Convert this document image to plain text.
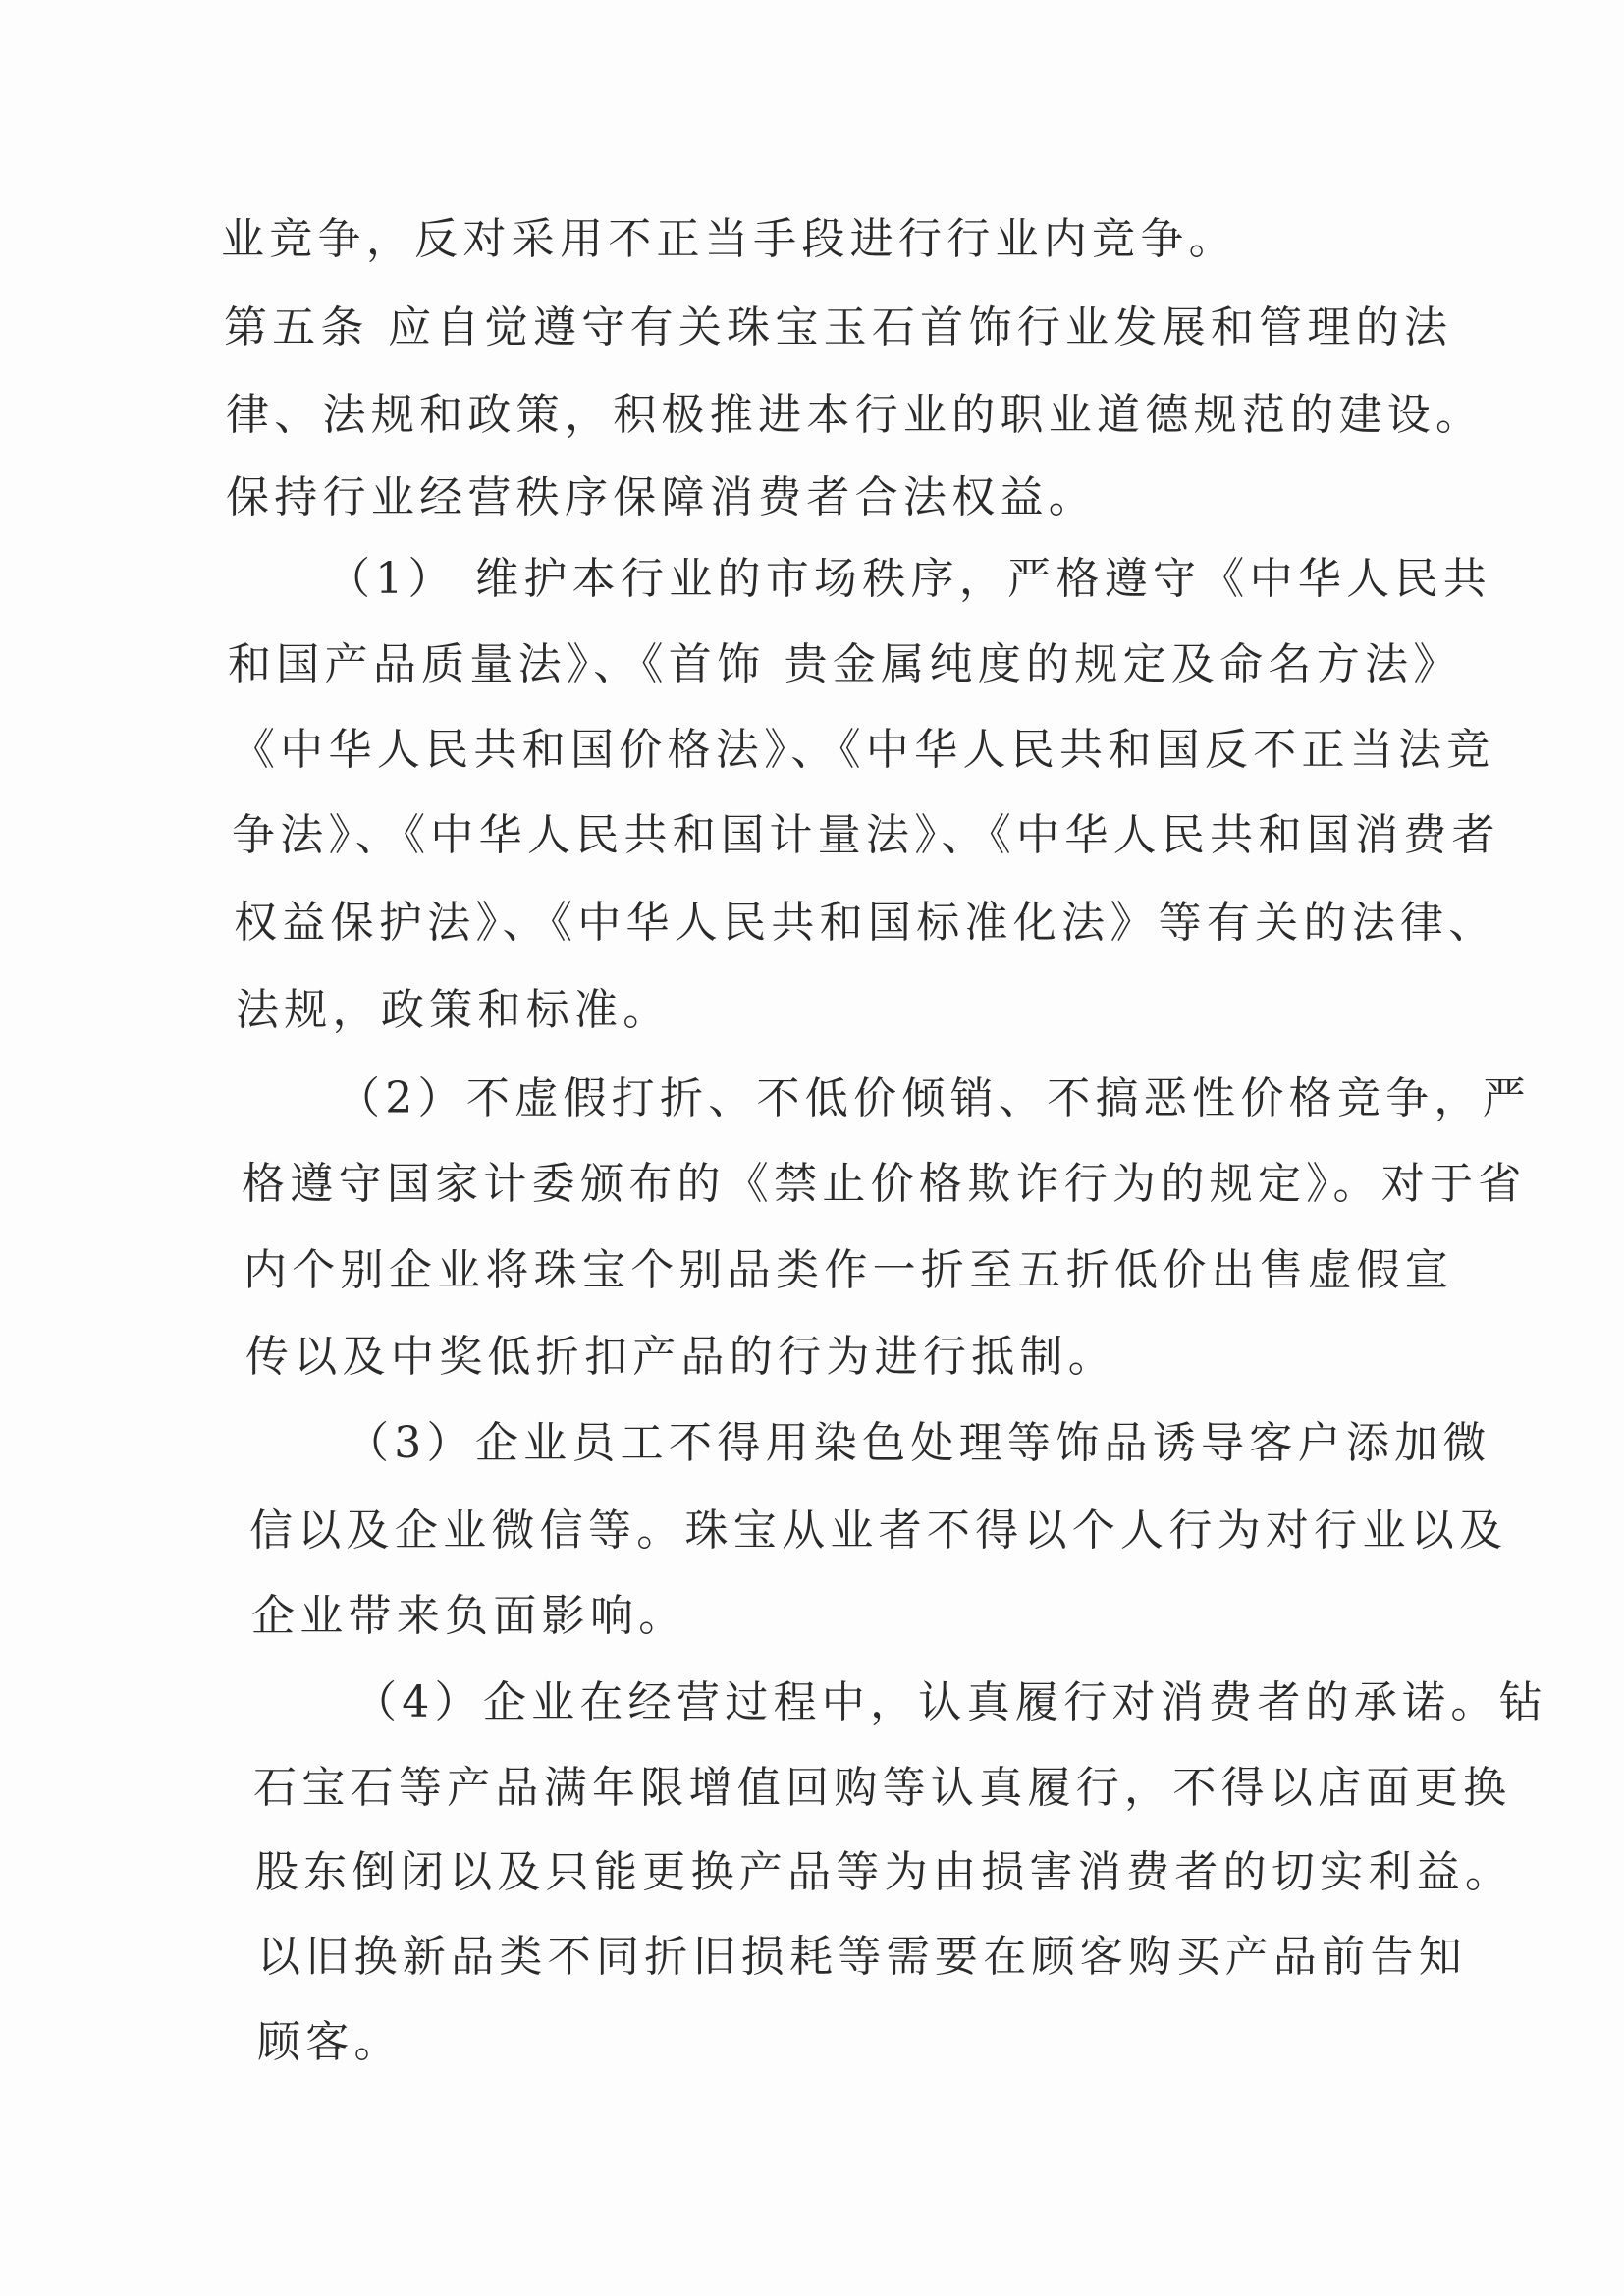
业竞争，反对采用不正当手段进行行业内竞争。
第五条 应自觉遵守有关珠宝玉石首饰行业发展和管理的法
律、法规和政策，积极推进本行业的职业道德规范的建设。
保持行业经营秩序保障消费者合法权益。
（1） 维护本行业的市场秩序，严格遵守《中华人民共
和国产品质量法》、《首饰 贵金属纯度的规定及命名方法》
《中华人民共和国价格法》、《中华人民共和国反不正当法竞
争法》、《中华人民共和国计量法》、《中华人民共和国消费者
权益保护法》、《中华人民共和国标准化法》等有关的法律、
法规，政策和标准。
（2）不虚假打折、不低价倾销、不搞恶性价格竞争，严
格遵守国家计委颁布的《禁止价格欺诈行为的规定》。对于省
内个别企业将珠宝个别品类作一折至五折低价出售虚假宣
传以及中奖低折扣产品的行为进行抵制。
（3）企业员工不得用染色处理等饰品诱导客户添加微
信以及企业微信等。珠宝从业者不得以个人行为对行业以及
企业带来负面影响。
（4）企业在经营过程中，认真履行对消费者的承诺。钻
石宝石等产品满年限增值回购等认真履行，不得以店面更换
股东倒闭以及只能更换产品等为由损害消费者的切实利益。
以旧换新品类不同折旧损耗等需要在顾客购买产品前告知
顾客。
